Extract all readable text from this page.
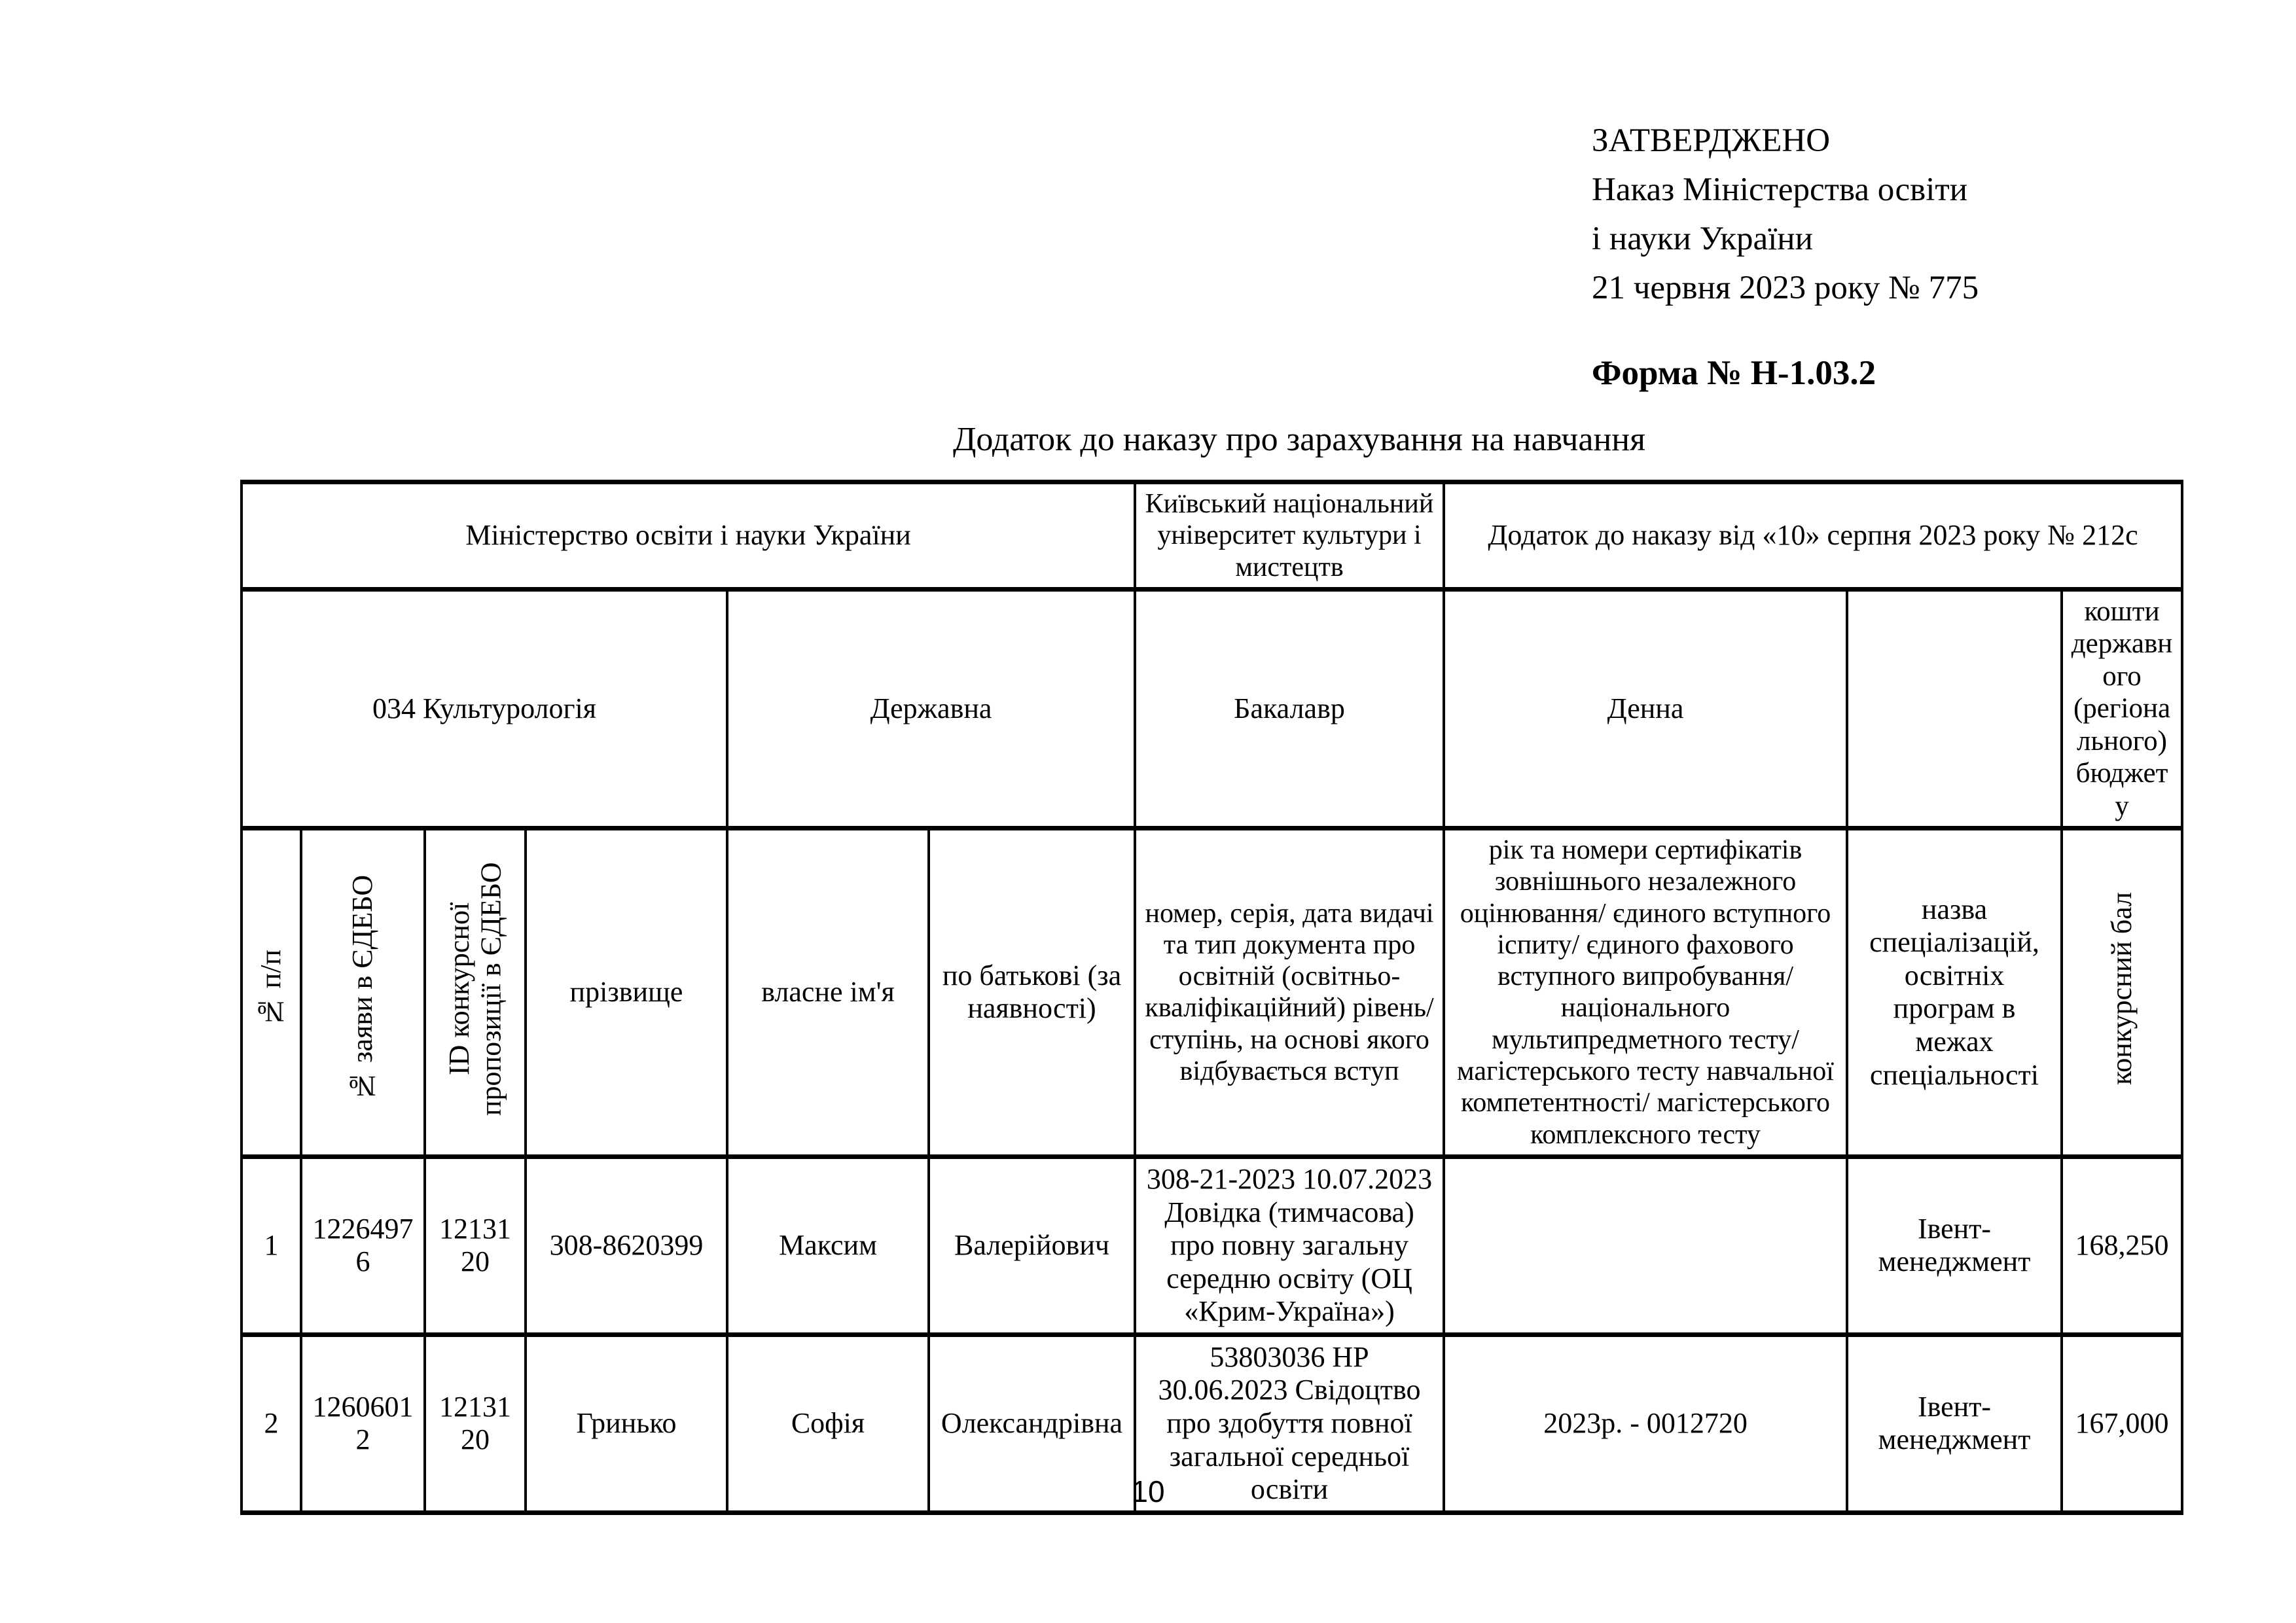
ЗАТВЕРДЖЕНО
Наказ Міністерства освіти
і науки України
21 червня 2023 року № 775
Форма № Н-1.03.2
Додаток до наказу про зарахування на навчання
Міністерство освіти і науки України						Київський національний університет культури і мистецтв	Додаток до наказу від «10» серпня 2023 року № 212с		
034 Культурологія				Державна		Бакалавр	Денна		кошти державного (регіонального) бюджету
№ п/п	№ заяви в ЄДЕБО	ID конкурсної пропозиції в ЄДЕБО	прізвище	власне ім'я	по батькові (за наявності)	номер, серія, дата видачі та тип документа про освітній (освітньо-кваліфікаційний) рівень/ступінь, на основі якого відбувається вступ	рік та номери сертифікатів зовнішнього незалежного оцінювання/ єдиного вступного іспиту/ єдиного фахового вступного випробування/ національного мультипредметного тесту/ магістерського тесту навчальної компетентності/ магістерського комплексного тесту	назва спеціалізацій, освітніх програм в межах спеціальності	конкурсний бал
1	12264976	1213120	308-8620399	Максим	Валерійович	308-21-2023 10.07.2023 Довідка (тимчасова) про повну загальну середню освіту (ОЦ «Крим-Україна»)		Івент-менеджмент	168,250
2	12606012	1213120	Гринько	Софія	Олександрівна	53803036 НР 30.06.2023 Свідоцтво про здобуття повної загальної середньої освіти	2023р. - 0012720	Івент-менеджмент	167,000
10
